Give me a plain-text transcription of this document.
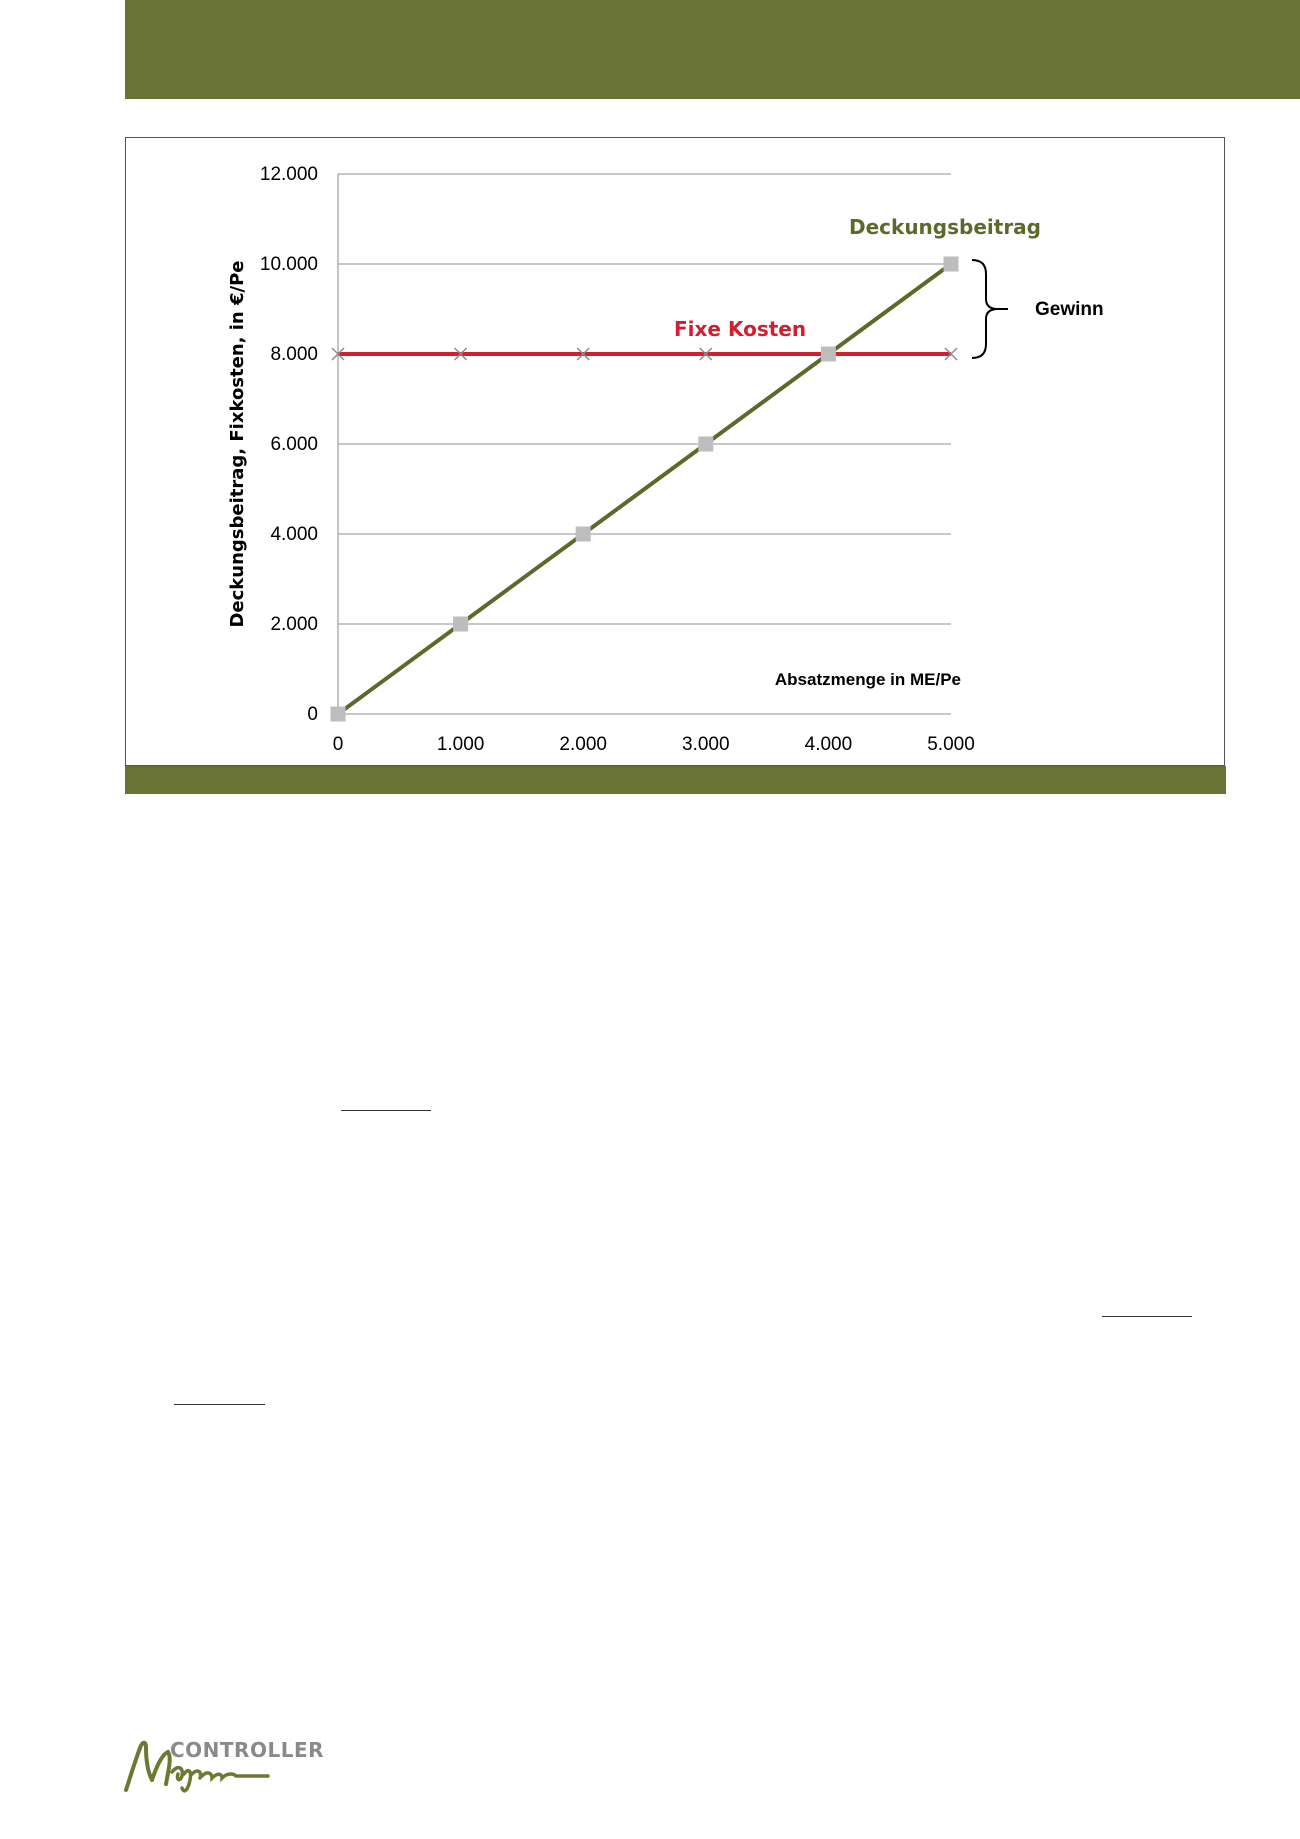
0
2.000
4.000
6.000
8.000
10.000
12.000
0	1.000	2.000	3.000	4.000	5.000
Deckungsbeitrag, Fixkosten, in €/Pe
Absatzmenge in ME/Pe
Fixe Kosten
Deckungsbeitrag
Gewinn
CONTROLLER
